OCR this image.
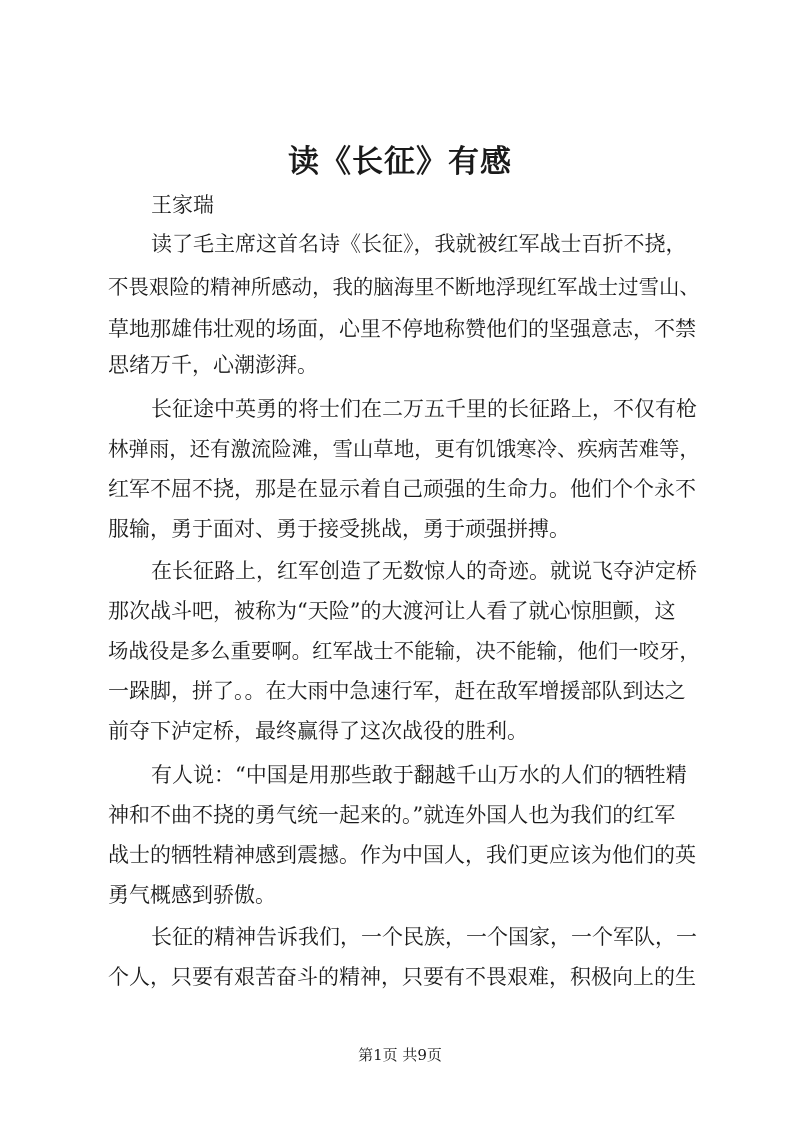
读《长征》有感
王家瑞
读了毛主席这首名诗《长征》，我就被红军战士百折不挠，
不畏艰险的精神所感动，我的脑海里不断地浮现红军战士过雪山、
草地那雄伟壮观的场面，心里不停地称赞他们的坚强意志，不禁
思绪万千，心潮澎湃。
长征途中英勇的将士们在二万五千里的长征路上，不仅有枪
林弹雨，还有激流险滩，雪山草地，更有饥饿寒冷、疾病苦难等，
红军不屈不挠，那是在显示着自己顽强的生命力。他们个个永不
服输，勇于面对、勇于接受挑战，勇于顽强拼搏。
在长征路上，红军创造了无数惊人的奇迹。就说飞夺泸定桥
那次战斗吧，被称为“天险”的大渡河让人看了就心惊胆颤，这
场战役是多么重要啊。红军战士不能输，决不能输，他们一咬牙，
一跺脚，拼了。。在大雨中急速行军，赶在敌军增援部队到达之
前夺下泸定桥，最终赢得了这次战役的胜利。
有人说：“中国是用那些敢于翻越千山万水的人们的牺牲精
神和不曲不挠的勇气统一起来的。”就连外国人也为我们的红军
战士的牺牲精神感到震撼。作为中国人，我们更应该为他们的英
勇气概感到骄傲。
长征的精神告诉我们，一个民族，一个国家，一个军队，一
个人，只要有艰苦奋斗的精神，只要有不畏艰难，积极向上的生
第1页 共9页
